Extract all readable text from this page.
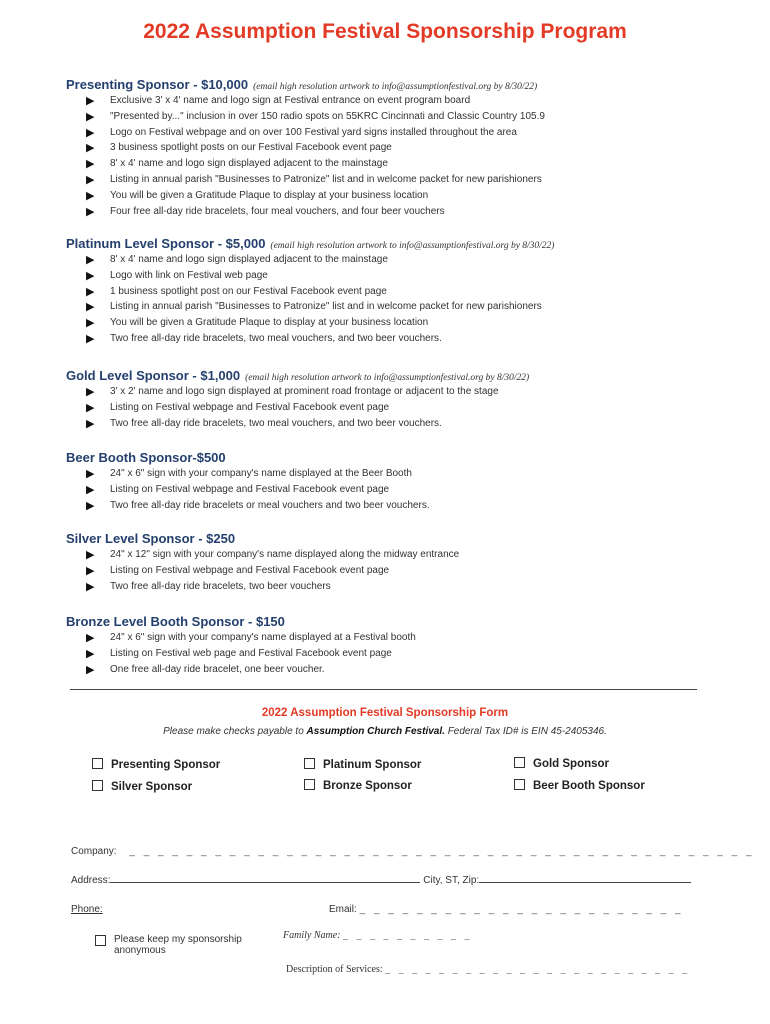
2022 Assumption Festival Sponsorship Program
Presenting Sponsor - $10,000 (email high resolution artwork to info@assumptionfestival.org by 8/30/22)
▶ Exclusive 3' x 4' name and logo sign at Festival entrance on event program board
▶ "Presented by..." inclusion in over 150 radio spots on 55KRC Cincinnati and Classic Country 105.9
▶ Logo on Festival webpage and on over 100 Festival yard signs installed throughout the area
▶ 3 business spotlight posts on our Festival Facebook event page
▶ 8' x 4' name and logo sign displayed adjacent to the mainstage
▶ Listing in annual parish "Businesses to Patronize" list and in welcome packet for new parishioners
▶ You will be given a Gratitude Plaque to display at your business location
▶ Four free all-day ride bracelets, four meal vouchers, and four beer vouchers
Platinum Level Sponsor - $5,000 (email high resolution artwork to info@assumptionfestival.org by 8/30/22)
▶ 8' x 4' name and logo sign displayed adjacent to the mainstage
▶ Logo with link on Festival web page
▶ 1 business spotlight post on our Festival Facebook event page
▶ Listing in annual parish "Businesses to Patronize" list and in welcome packet for new parishioners
▶ You will be given a Gratitude Plaque to display at your business location
▶ Two free all-day ride bracelets, two meal vouchers, and two beer vouchers.
Gold Level Sponsor - $1,000 (email high resolution artwork to info@assumptionfestival.org by 8/30/22)
▶ 3' x 2' name and logo sign displayed at prominent road frontage or adjacent to the stage
▶ Listing on Festival webpage and Festival Facebook event page
▶ Two free all-day ride bracelets, two meal vouchers, and two beer vouchers.
Beer Booth Sponsor-$500
▶ 24" x 6" sign with your company's name displayed at the Beer Booth
▶ Listing on Festival webpage and Festival Facebook event page
▶ Two free all-day ride bracelets or meal vouchers and two beer vouchers.
Silver Level Sponsor - $250
▶ 24" x 12" sign with your company's name displayed along the midway entrance
▶ Listing on Festival webpage and Festival Facebook event page
▶ Two free all-day ride bracelets, two beer vouchers
Bronze Level Booth Sponsor - $150
▶ 24" x 6" sign with your company's name displayed at a Festival booth
▶ Listing on Festival web page and Festival Facebook event page
▶ One free all-day ride bracelet, one beer voucher.
2022 Assumption Festival Sponsorship Form
Please make checks payable to Assumption Church Festival. Federal Tax ID# is EIN 45-2405346.
Presenting Sponsor	Platinum Sponsor	Gold Sponsor
Silver Sponsor	Bronze Sponsor	Beer Booth Sponsor
Company: _ _ _ _ _ _ _ _ _ _ _ _ _ _ _ _ _ _ _ _ _ _ _ _ _ _ _ _ _ _ _ _ _ _ _ _ _ _ _ _ _ _ _ _
Address:	City, ST, Zip:
Phone:	Email: _ _ _ _ _ _ _ _ _ _ _ _ _ _ _ _ _ _ _ _ _ _ _
Please keep my sponsorship
anonymous
Family Name: _ _ _ _ _ _ _ _ _ _
Description of Services: _ _ _ _ _ _ _ _ _ _ _ _ _ _ _ _ _ _ _ _ _ _ _
